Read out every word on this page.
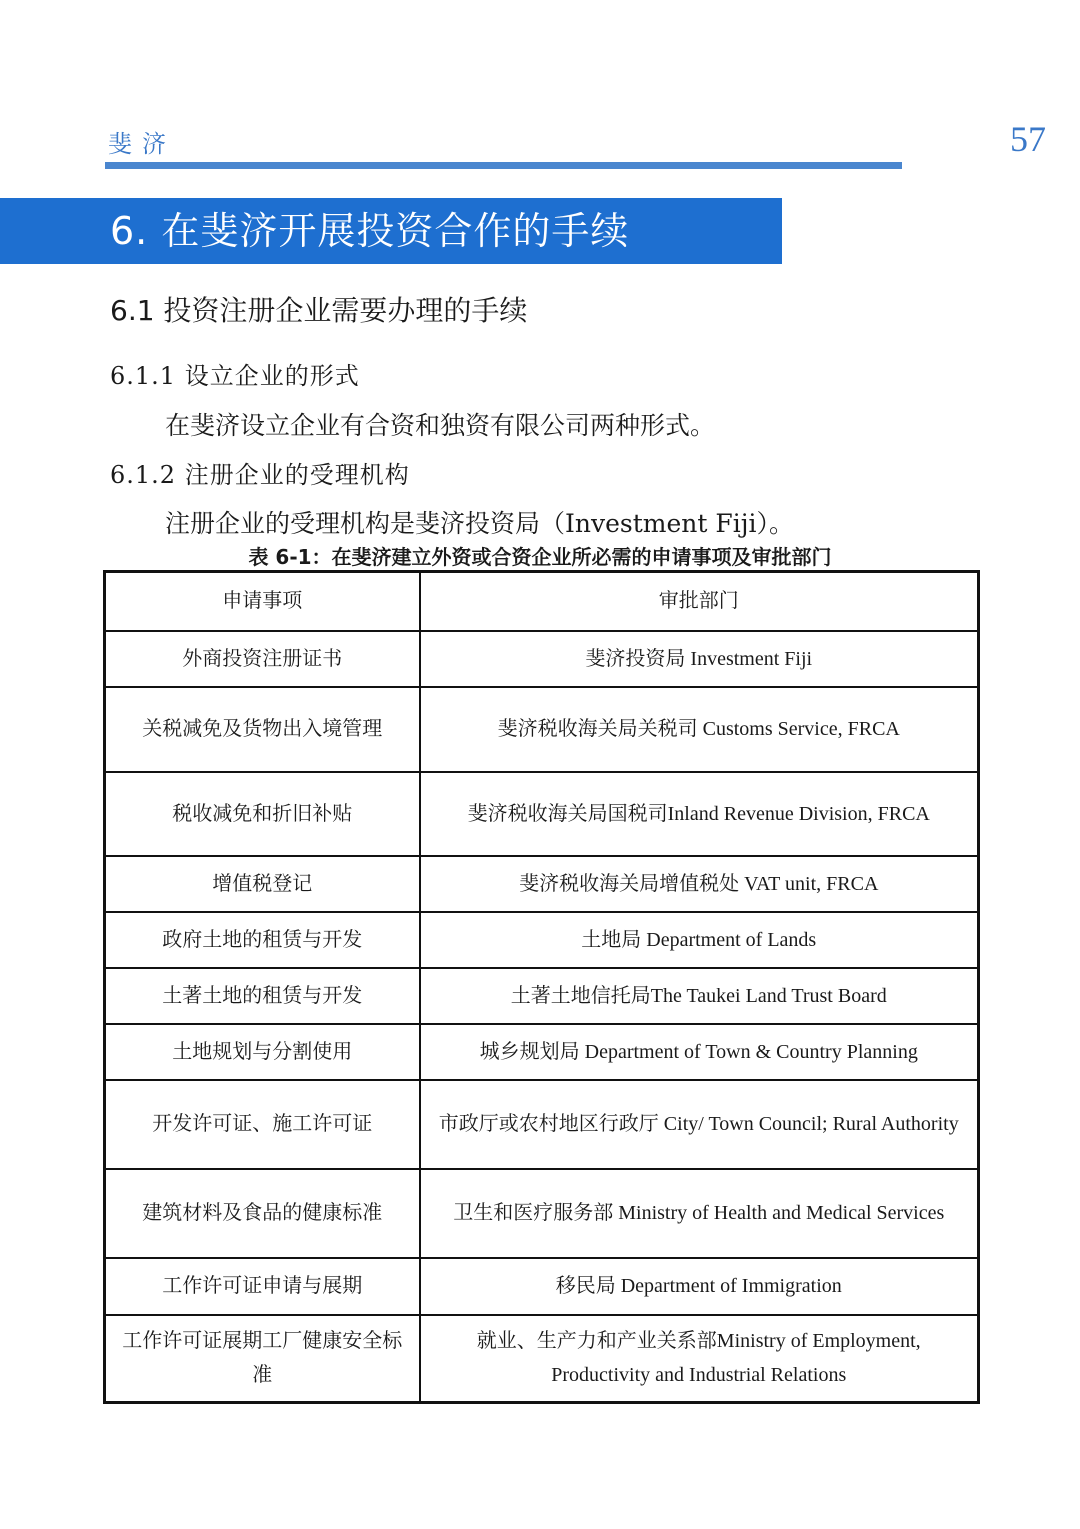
斐济	57
6. 在斐济开展投资合作的手续
6.1 投资注册企业需要办理的手续
6.1.1 设立企业的形式
在斐济设立企业有合资和独资有限公司两种形式。
6.1.2 注册企业的受理机构
注册企业的受理机构是斐济投资局（Investment Fiji）。
表 6-1：在斐济建立外资或合资企业所必需的申请事项及审批部门
申请事项	审批部门
外商投资注册证书	斐济投资局 Investment Fiji
关税减免及货物出入境管理	斐济税收海关局关税司 Customs Service, FRCA
税收减免和折旧补贴	斐济税收海关局国税司Inland Revenue Division, FRCA
增值税登记	斐济税收海关局增值税处 VAT unit, FRCA
政府土地的租赁与开发	土地局 Department of Lands
土著土地的租赁与开发	土著土地信托局The Taukei Land Trust Board
土地规划与分割使用	城乡规划局 Department of Town & Country Planning
开发许可证、施工许可证	市政厅或农村地区行政厅 City/ Town Council; Rural Authority
建筑材料及食品的健康标准	卫生和医疗服务部 Ministry of Health and Medical Services
工作许可证申请与展期	移民局 Department of Immigration
工作许可证展期工厂健康安全标准	就业、生产力和产业关系部Ministry of Employment, Productivity and Industrial Relations
